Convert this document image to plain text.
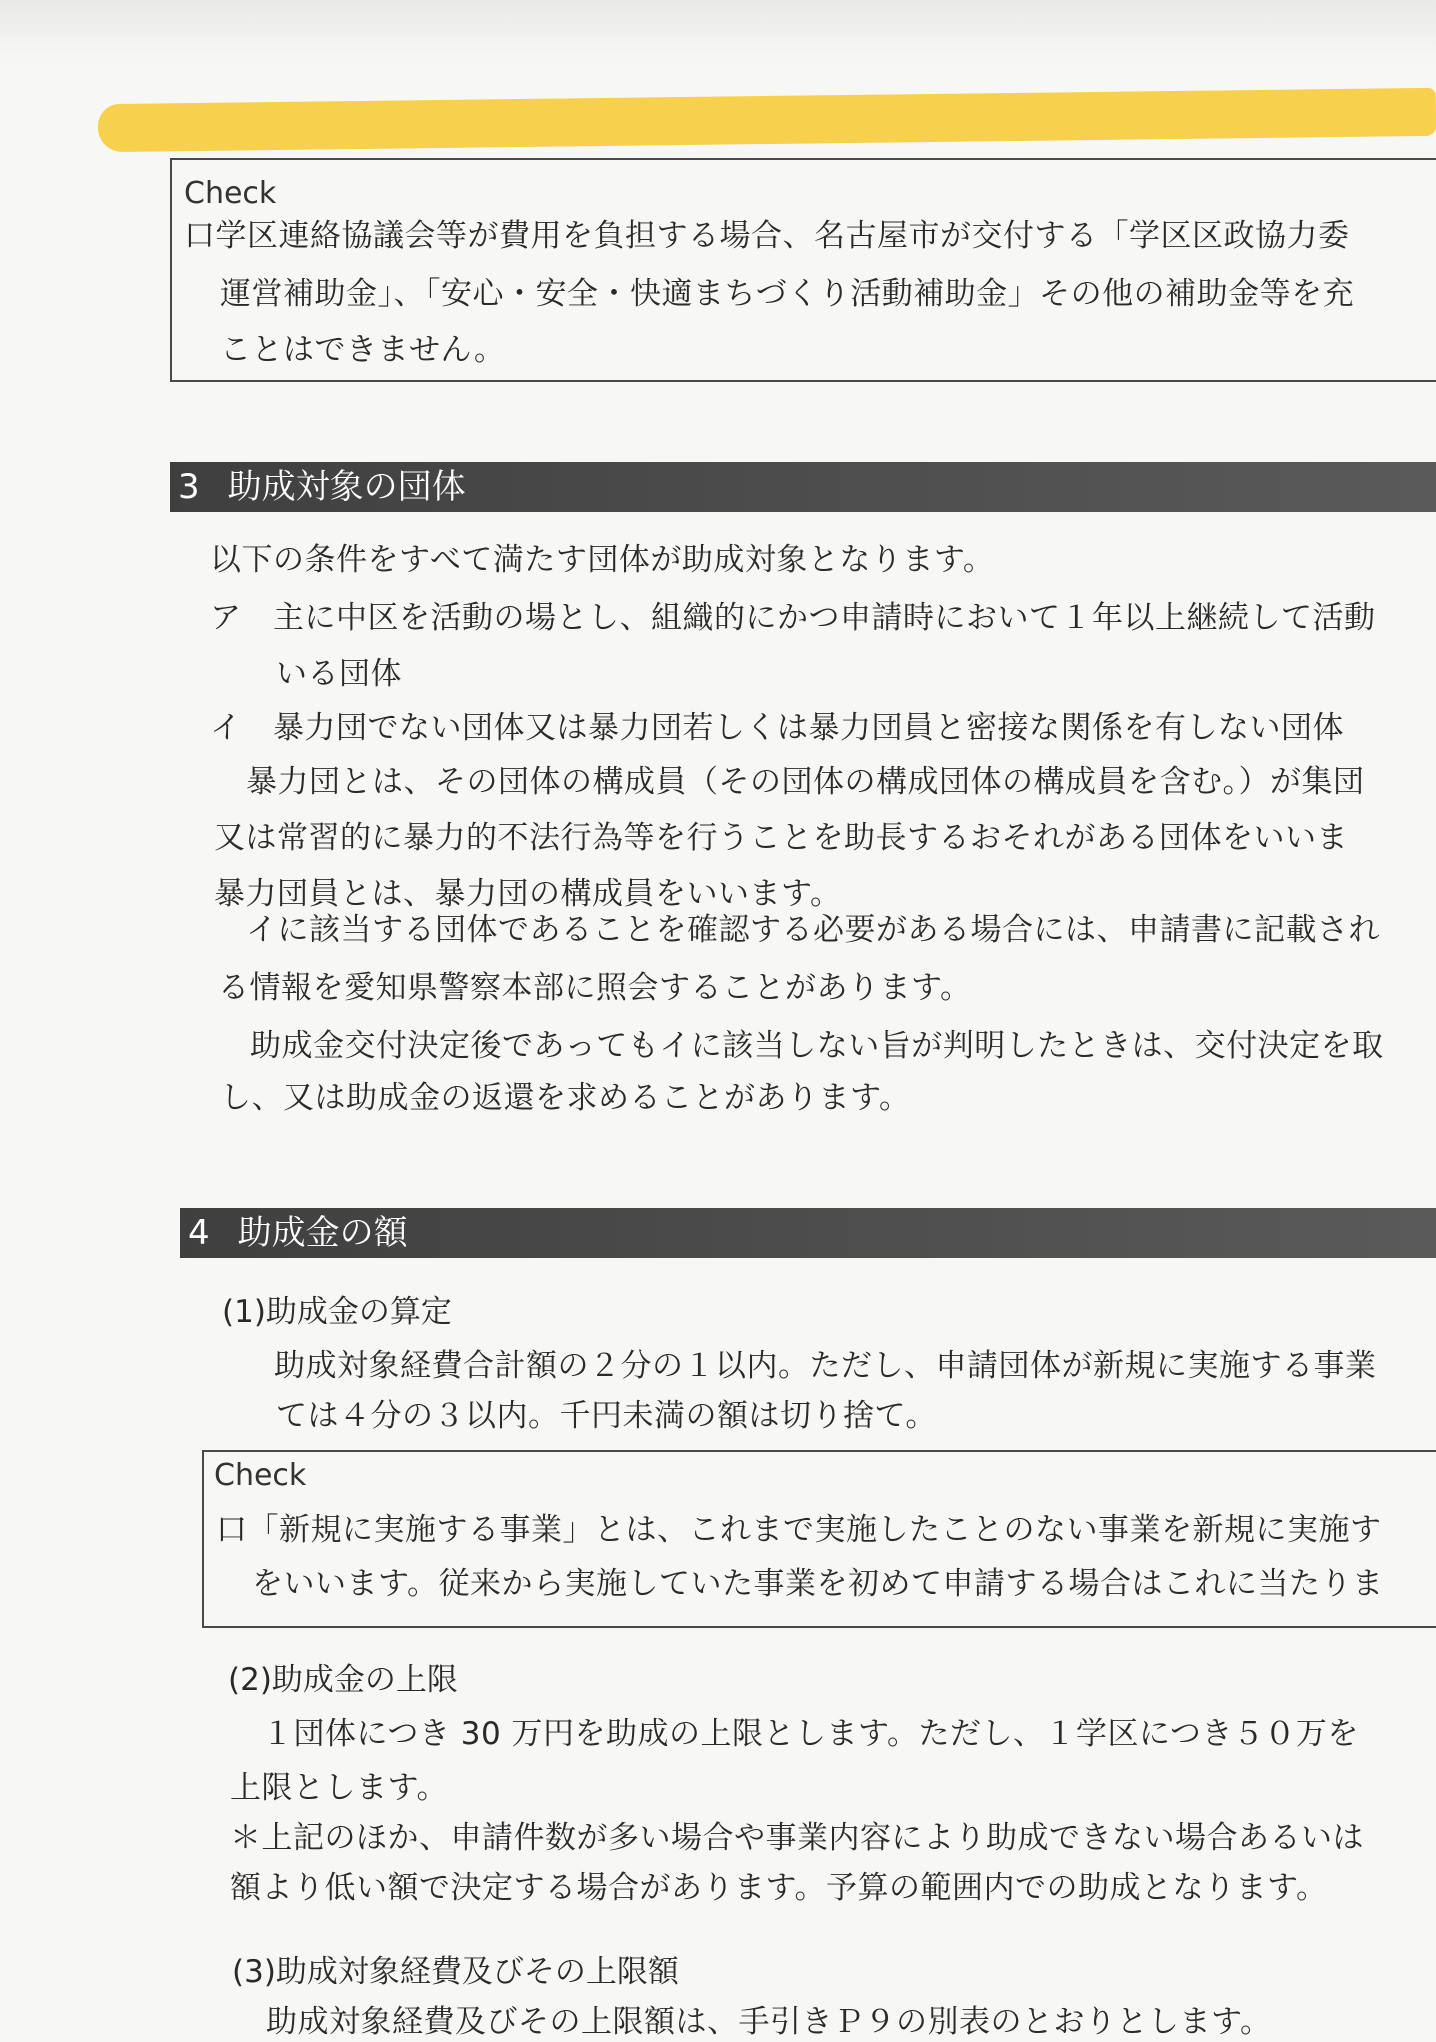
Check
口学区連絡協議会等が費用を負担する場合、名古屋市が交付する「学区区政協力委
運営補助金」、「安心・安全・快適まちづくり活動補助金」その他の補助金等を充
ことはできません。
3 助成対象の団体
以下の条件をすべて満たす団体が助成対象となります。
ア　主に中区を活動の場とし、組織的にかつ申請時において１年以上継続して活動
いる団体
イ　暴力団でない団体又は暴力団若しくは暴力団員と密接な関係を有しない団体
暴力団とは、その団体の構成員（その団体の構成団体の構成員を含む。）が集団
又は常習的に暴力的不法行為等を行うことを助長するおそれがある団体をいいま
暴力団員とは、暴力団の構成員をいいます。
イに該当する団体であることを確認する必要がある場合には、申請書に記載され
る情報を愛知県警察本部に照会することがあります。
助成金交付決定後であってもイに該当しない旨が判明したときは、交付決定を取
し、又は助成金の返還を求めることがあります。
4 助成金の額
(1)助成金の算定
助成対象経費合計額の２分の１以内。ただし、申請団体が新規に実施する事業
ては４分の３以内。千円未満の額は切り捨て。
Check
口「新規に実施する事業」とは、これまで実施したことのない事業を新規に実施す
をいいます。従来から実施していた事業を初めて申請する場合はこれに当たりま
(2)助成金の上限
１団体につき 30 万円を助成の上限とします。ただし、１学区につき５０万を
上限とします。
＊上記のほか、申請件数が多い場合や事業内容により助成できない場合あるいは
額より低い額で決定する場合があります。予算の範囲内での助成となります。
(3)助成対象経費及びその上限額
助成対象経費及びその上限額は、手引きＰ９の別表のとおりとします。
